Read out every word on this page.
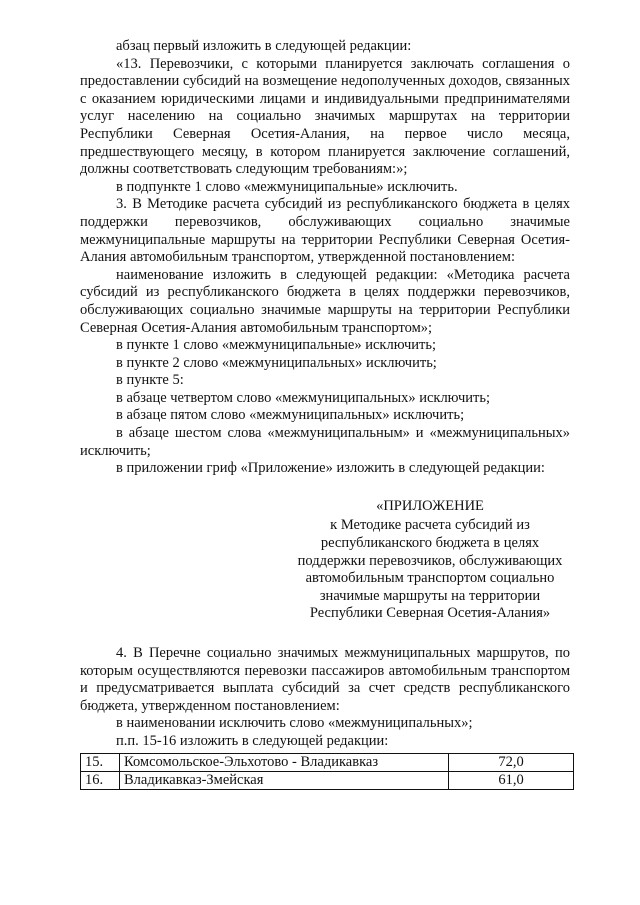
абзац первый изложить в следующей редакции:

«13. Перевозчики, с которыми планируется заключать соглашения о предоставлении субсидий на возмещение недополученных доходов, связанных с оказанием юридическими лицами и индивидуальными предпринимателями услуг населению на социально значимых маршрутах на территории Республики Северная Осетия-Алания, на первое число месяца, предшествующего месяцу, в котором планируется заключение соглашений, должны соответствовать следующим требованиям:»;

в подпункте 1 слово «межмуниципальные» исключить.

3. В Методике расчета субсидий из республиканского бюджета в целях поддержки перевозчиков, обслуживающих социально значимые межмуниципальные маршруты на территории Республики Северная Осетия-Алания автомобильным транспортом, утвержденной постановлением:

наименование изложить в следующей редакции: «Методика расчета субсидий из республиканского бюджета в целях поддержки перевозчиков, обслуживающих социально значимые маршруты на территории Республики Северная Осетия-Алания автомобильным транспортом»;

в пункте 1 слово «межмуниципальные» исключить;

в пункте 2 слово «межмуниципальных» исключить;

в пункте 5:

в абзаце четвертом слово «межмуниципальных» исключить;

в абзаце пятом слово «межмуниципальных» исключить;

в абзаце шестом слова «межмуниципальным» и «межмуниципальных» исключить;

в приложении гриф «Приложение» изложить в следующей редакции:

«ПРИЛОЖЕНИЕ
к Методике расчета субсидий из
республиканского бюджета в целях
поддержки перевозчиков, обслуживающих
автомобильным транспортом социально
значимые маршруты на территории
Республики Северная Осетия-Алания»

4. В Перечне социально значимых межмуниципальных маршрутов, по которым осуществляются перевозки пассажиров автомобильным транспортом и предусматривается выплата субсидий за счет средств республиканского бюджета, утвержденном постановлением:

в наименовании исключить слово «межмуниципальных»;

п.п. 15-16 изложить в следующей редакции:

15.	Комсомольское-Эльхотово - Владикавказ	72,0
16.	Владикавказ-Змейская	61,0
